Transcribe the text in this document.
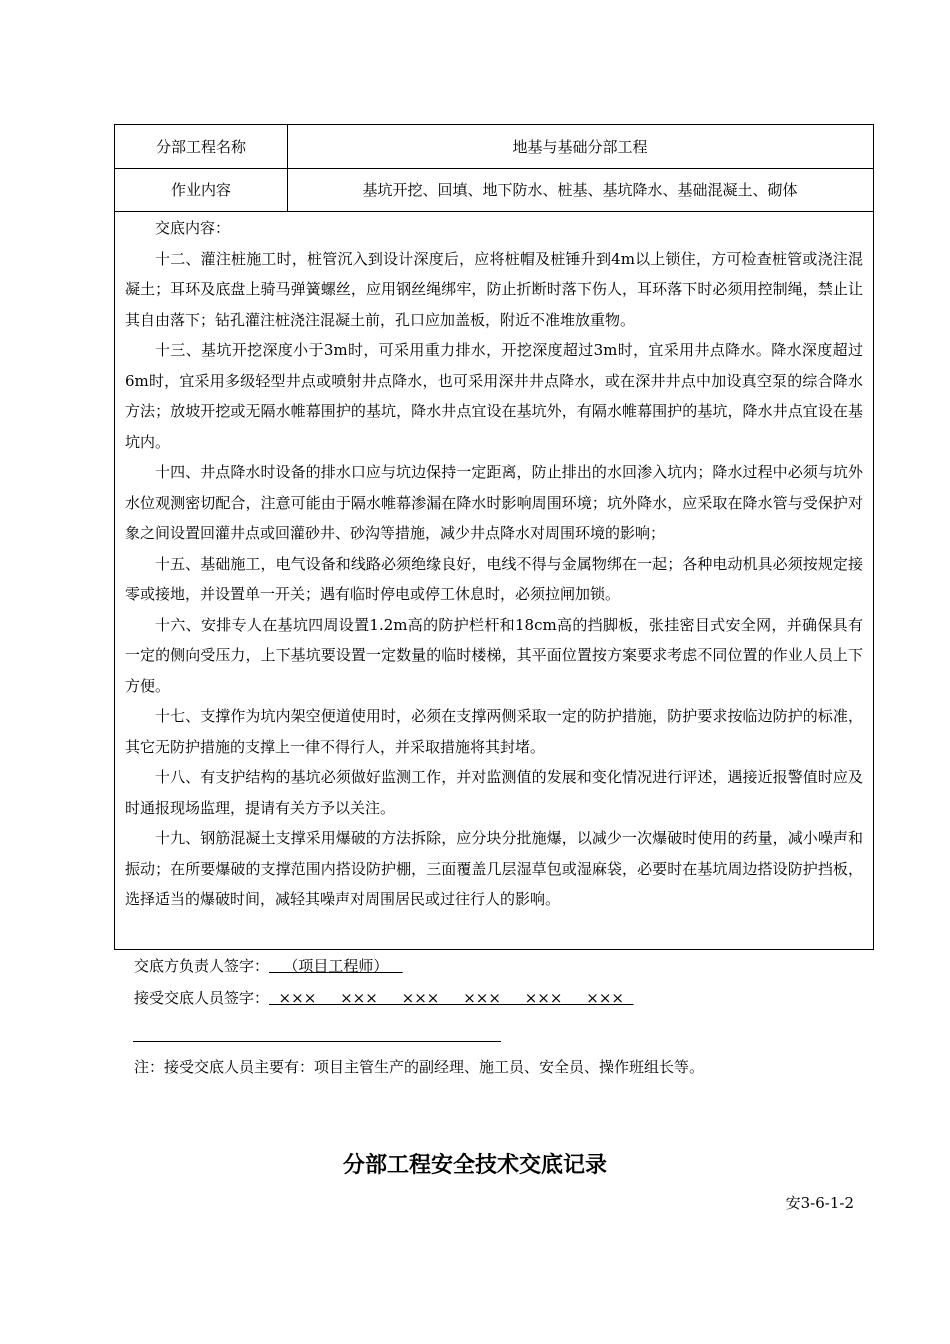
分部工程名称	地基与基础分部工程
作业内容	基坑开挖、回填、地下防水、桩基、基坑降水、基础混凝土、砌体
交底内容：

十二、灌注桩施工时，桩管沉入到设计深度后，应将桩帽及桩锤升到4m以上锁住，方可检查桩管或浇注混凝土；耳环及底盘上骑马弹簧螺丝，应用钢丝绳绑牢，防止折断时落下伤人，耳环落下时必须用控制绳，禁止让其自由落下；钻孔灌注桩浇注混凝土前，孔口应加盖板，附近不准堆放重物。

十三、基坑开挖深度小于3m时，可采用重力排水，开挖深度超过3m时，宜采用井点降水。降水深度超过6m时，宜采用多级轻型井点或喷射井点降水，也可采用深井井点降水，或在深井井点中加设真空泵的综合降水方法；放坡开挖或无隔水帷幕围护的基坑，降水井点宜设在基坑外，有隔水帷幕围护的基坑，降水井点宜设在基坑内。

十四、井点降水时设备的排水口应与坑边保持一定距离，防止排出的水回渗入坑内；降水过程中必须与坑外水位观测密切配合，注意可能由于隔水帷幕渗漏在降水时影响周围环境；坑外降水，应采取在降水管与受保护对象之间设置回灌井点或回灌砂井、砂沟等措施，减少井点降水对周围环境的影响；

十五、基础施工，电气设备和线路必须绝缘良好，电线不得与金属物绑在一起；各种电动机具必须按规定接零或接地，并设置单一开关；遇有临时停电或停工休息时，必须拉闸加锁。

十六、安排专人在基坑四周设置1.2m高的防护栏杆和18cm高的挡脚板，张挂密目式安全网，并确保具有一定的侧向受压力，上下基坑要设置一定数量的临时楼梯，其平面位置按方案要求考虑不同位置的作业人员上下方便。

十七、支撑作为坑内架空便道使用时，必须在支撑两侧采取一定的防护措施，防护要求按临边防护的标准，其它无防护措施的支撑上一律不得行人，并采取措施将其封堵。

十八、有支护结构的基坑必须做好监测工作，并对监测值的发展和变化情况进行评述，遇接近报警值时应及时通报现场监理，提请有关方予以关注。

十九、钢筋混凝土支撑采用爆破的方法拆除，应分块分批施爆，以减少一次爆破时使用的药量，减小噪声和振动；在所要爆破的支撑范围内搭设防护棚，三面覆盖几层湿草包或湿麻袋，必要时在基坑周边搭设防护挡板，选择适当的爆破时间，减轻其噪声对周围居民或过往行人的影响。

交底方负责人签字：   （项目工程师）
接受交底人员签字：  ×××     ×××     ×××     ×××     ×××     ×××
注：接受交底人员主要有：项目主管生产的副经理、施工员、安全员、操作班组长等。
分部工程安全技术交底记录
安3-6-1-2
